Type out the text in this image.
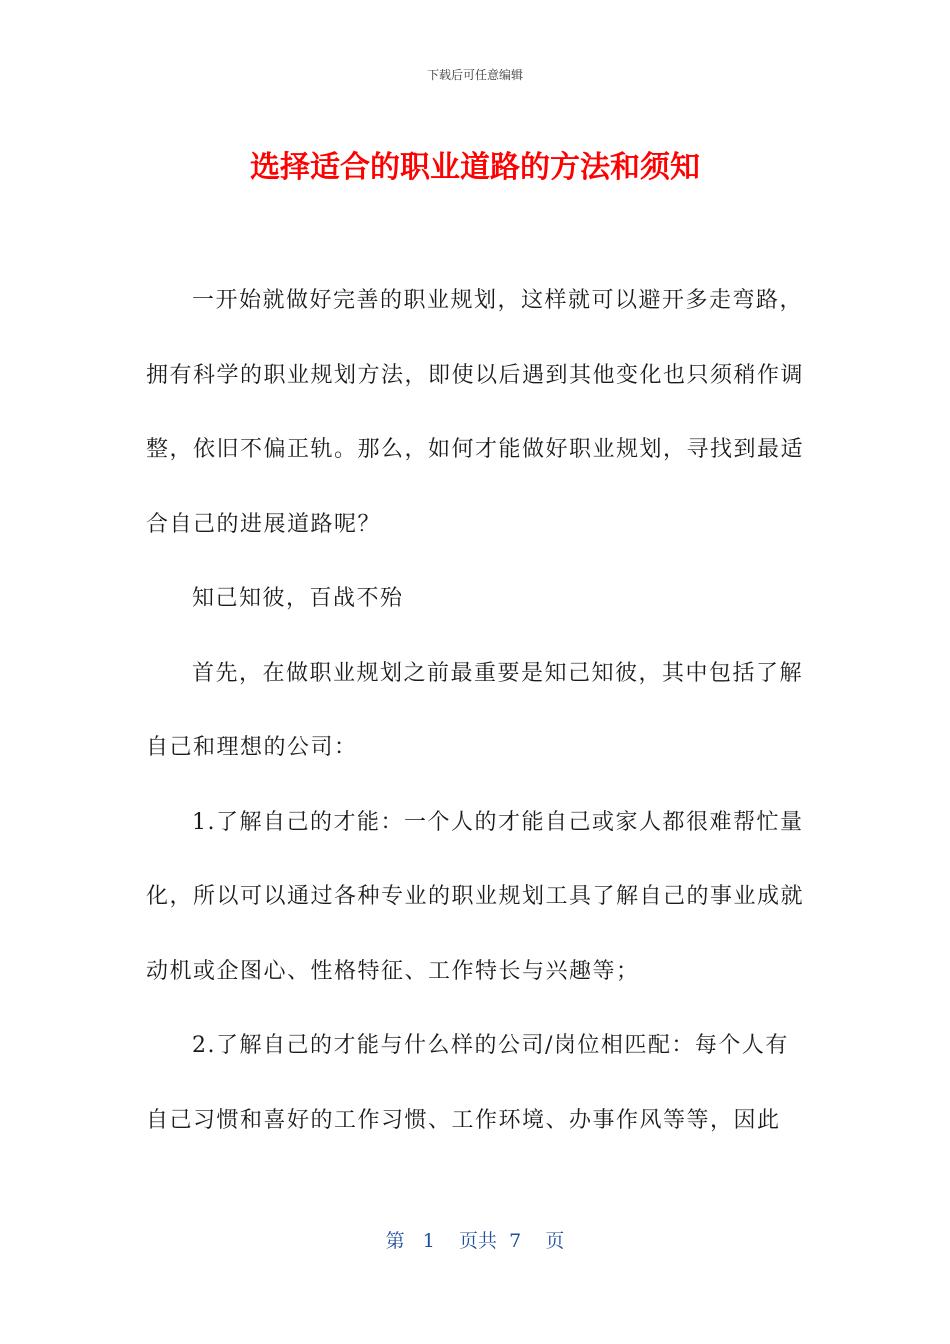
下载后可任意编辑
选择适合的职业道路的方法和须知

一开始就做好完善的职业规划，这样就可以避开多走弯路，拥有科学的职业规划方法，即使以后遇到其他变化也只须稍作调整，依旧不偏正轨。那么，如何才能做好职业规划，寻找到最适合自己的进展道路呢？

知己知彼，百战不殆

首先，在做职业规划之前最重要是知己知彼，其中包括了解自己和理想的公司：

1.了解自己的才能：一个人的才能自己或家人都很难帮忙量化，所以可以通过各种专业的职业规划工具了解自己的事业成就动机或企图心、性格特征、工作特长与兴趣等；

2.了解自己的才能与什么样的公司/岗位相匹配：每个人有自己习惯和喜好的工作习惯、工作环境、办事作风等等，因此

第 1 页共 7 页
